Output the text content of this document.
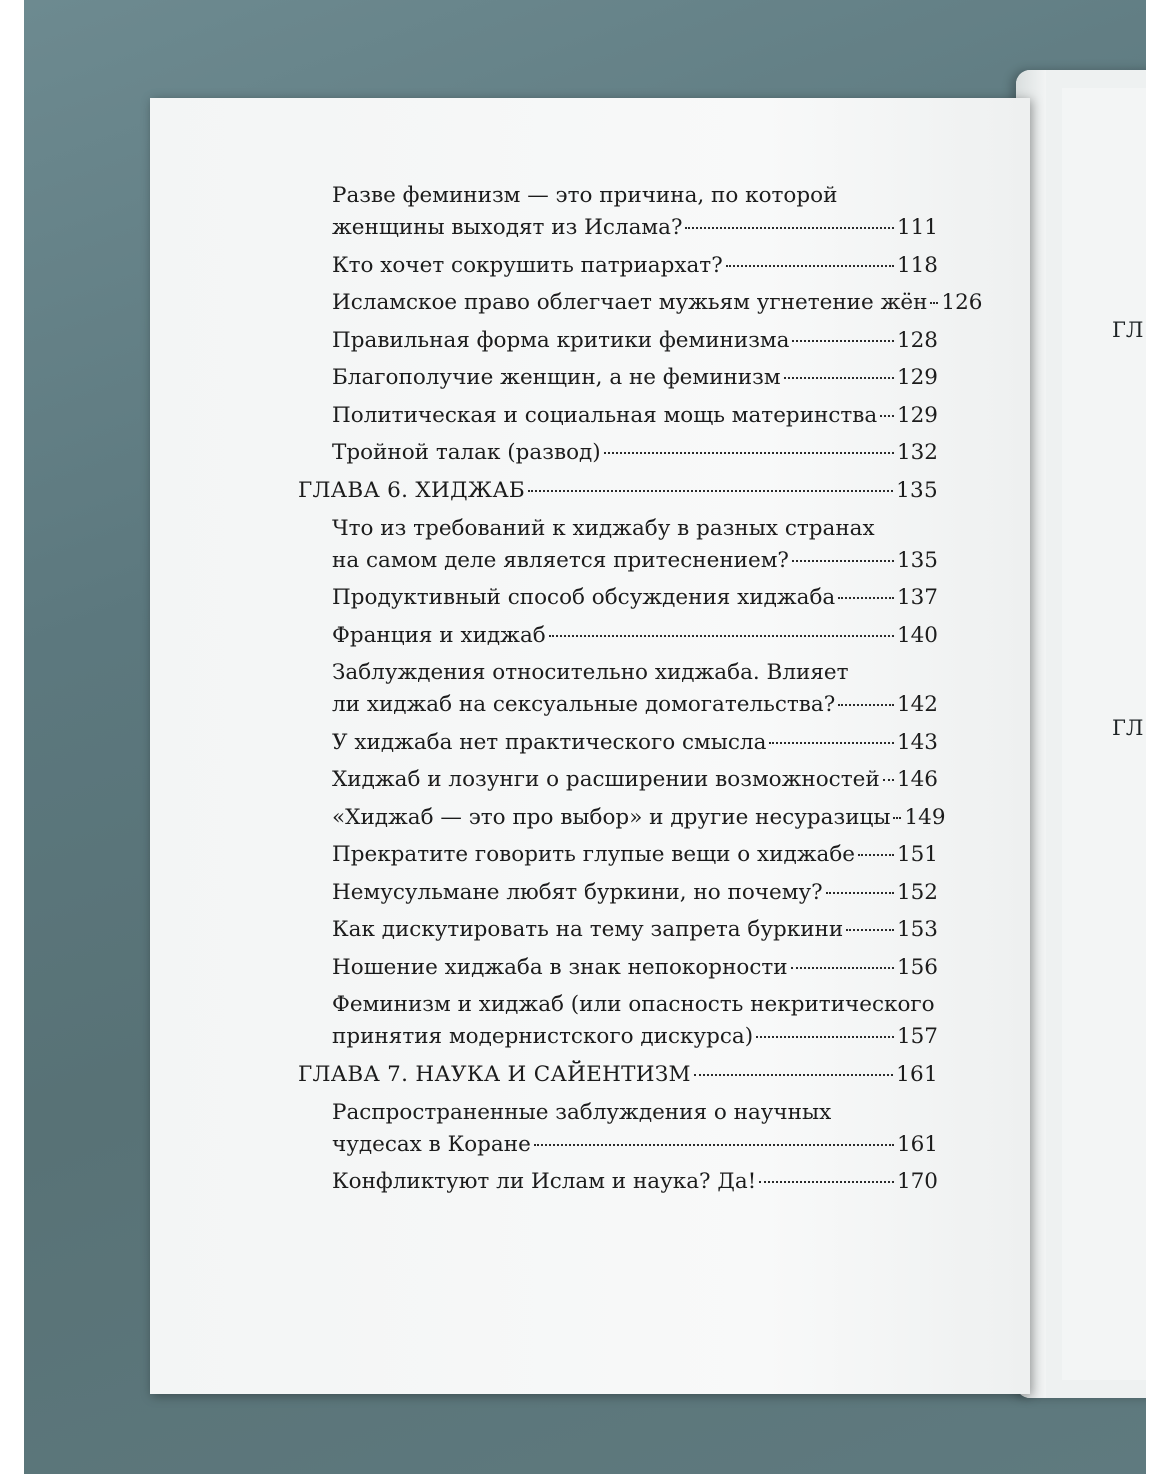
ГЛ
ГЛ
Разве феминизм — это причина, по которой
женщины выходят из Ислама?	111
Кто хочет сокрушить патриархат?	118
Исламское право облегчает мужьям угнетение жён 126
Правильная форма критики феминизма	128
Благополучие женщин, а не феминизм	129
Политическая и социальная мощь материнства 129
Тройной талак (развод)	132
ГЛАВА 6. ХИДЖАБ	135
Что из требований к хиджабу в разных странах
на самом деле является притеснением?	135
Продуктивный способ обсуждения хиджаба	137
Франция и хиджаб	140
Заблуждения относительно хиджаба. Влияет
ли хиджаб на сексуальные домогательства?	142
У хиджаба нет практического смысла	143
Хиджаб и лозунги о расширении возможностей 146
«Хиджаб — это про выбор» и другие несуразицы 149
Прекратите говорить глупые вещи о хиджабе 151
Немусульмане любят буркини, но почему?	152
Как дискутировать на тему запрета буркини 153
Ношение хиджаба в знак непокорности	156
Феминизм и хиджаб (или опасность некритического
принятия модернистского дискурса)	157
ГЛАВА 7. НАУКА И САЙЕНТИЗМ	161
Распространенные заблуждения о научных
чудесах в Коране	161
Конфликтуют ли Ислам и наука? Да!	170
